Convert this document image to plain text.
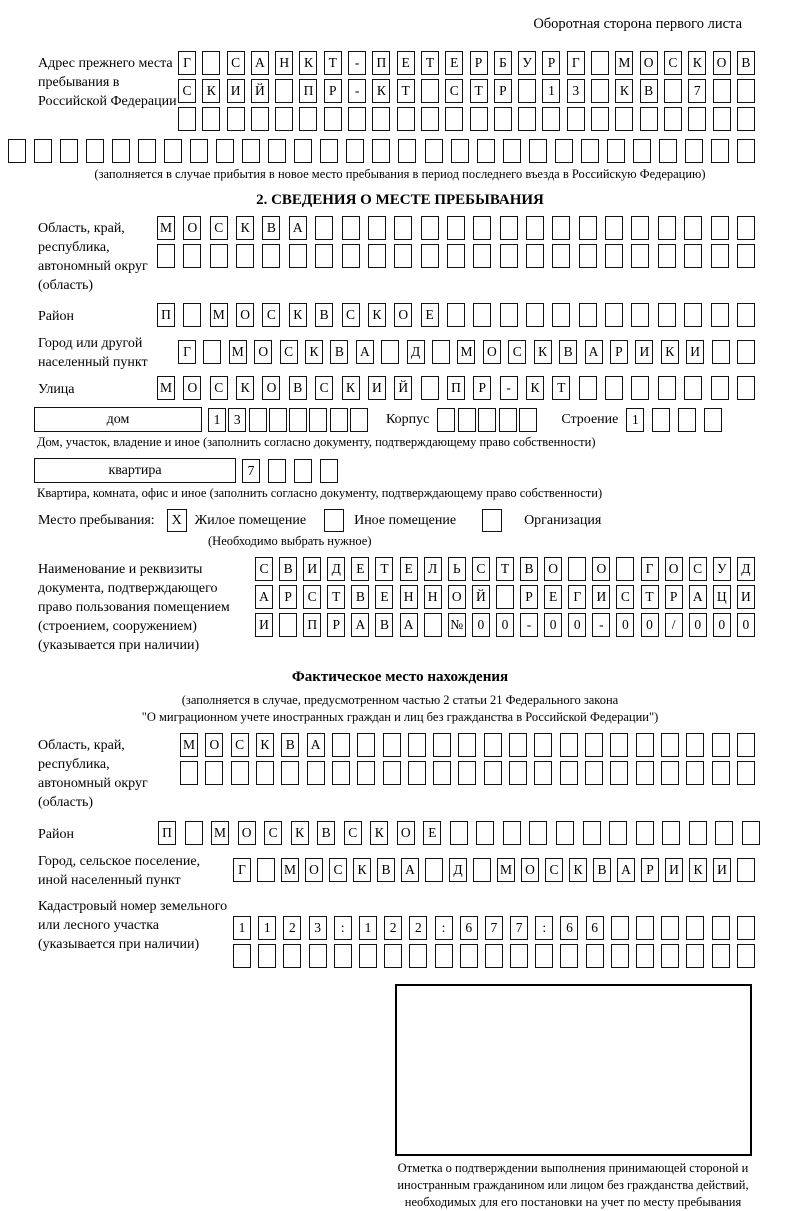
Оборотная сторона первого листа
Адрес прежнего места пребывания в Российской Федерации
Г	С	А	Н	К	Т	-	П	Е	Т	Е	Р	Б	У	Р	Г	М О	С	К	О	В
С	К	И	Й	П	Р	-	К	Т	С	Т	Р	1	3	К	В	7
(заполняется в случае прибытия в новое место пребывания в период последнего въезда в Российскую Федерацию)
2. СВЕДЕНИЯ О МЕСТЕ ПРЕБЫВАНИЯ
Область, край, республика, автономный округ (область)
М	О	С	К	В	А
Район	П	М	О	С	К	В	С	К	О	Е
Город или другой населенный пункт
Г	М	О	С	К	В	А	Д	М	О	С	К	В	А	Р	И	К	И
Улица	М	О	С	К	О	В	С	К	И	Й	П	Р	-	К	Т
дом	1	3	Корпус	Строение	1
Дом, участок, владение и иное (заполнить согласно документу, подтверждающему право собственности)
квартира	7
Квартира, комната, офис и иное (заполнить согласно документу, подтверждающему право собственности)
Место пребывания:	X Жилое помещение	Иное помещение	Организация
(Необходимо выбрать нужное)
Наименование и реквизиты документа, подтверждающего право пользования помещением (строением, сооружением) (указывается при наличии)
С	В	И	Д	Е	Т	Е	Л	Ь	С	Т	В	О	О	Г	О	С	У	Д
А	Р	С	Т	В	Е	Н	Н	О	Й	Р	Е	Г	И	С	Т	Р	А	Ц	И
И	П	Р	А	В	А	№	0	0	-	0	0	-	0	0	/	0	0	0
Фактическое место нахождения
(заполняется в случае, предусмотренном частью 2 статьи 21 Федерального закона
"О миграционном учете иностранных граждан и лиц без гражданства в Российской Федерации")
Область, край, республика, автономный округ (область)
М	О	С	К	В	А
Район	П	М	О	С	К	В	С	К	О	Е
Город, сельское поселение, иной населенный пункт
Г	М О	С	К	В	А	Д	М О	С	К	В	А	Р	И	К	И
Кадастровый номер земельного или лесного участка (указывается при наличии)
1	1	2	3	:	1	2	2	:	6	7	7	:	6	6
Отметка о подтверждении выполнения принимающей стороной и иностранным гражданином или лицом без гражданства действий, необходимых для его постановки на учет по месту пребывания
